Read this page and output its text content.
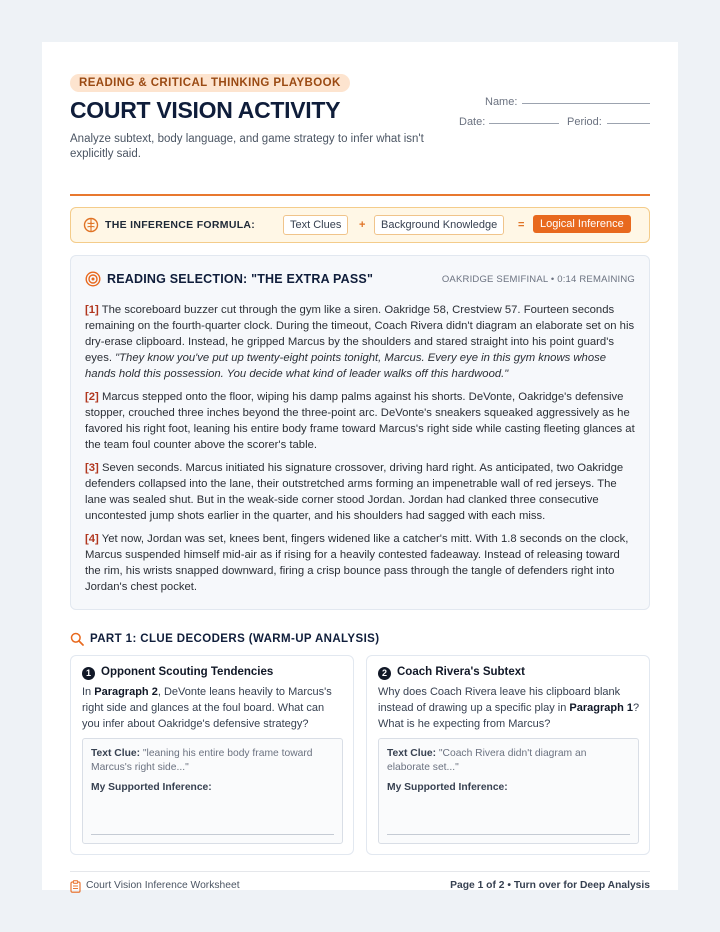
READING & CRITICAL THINKING PLAYBOOK
COURT VISION ACTIVITY
Analyze subtext, body language, and game strategy to infer what isn't explicitly said.
Name:
Date:	Period:
THE INFERENCE FORMULA:	Text Clues	+	Background Knowledge	=	Logical Inference
READING SELECTION: "THE EXTRA PASS"	OAKRIDGE SEMIFINAL • 0:14 REMAINING

[1] The scoreboard buzzer cut through the gym like a siren. Oakridge 58, Crestview 57. Fourteen seconds remaining on the fourth-quarter clock. During the timeout, Coach Rivera didn't diagram an elaborate set on his dry-erase clipboard. Instead, he gripped Marcus by the shoulders and stared straight into his point guard's eyes. "They know you've put up twenty-eight points tonight, Marcus. Every eye in this gym knows whose hands hold this possession. You decide what kind of leader walks off this hardwood."

[2] Marcus stepped onto the floor, wiping his damp palms against his shorts. DeVonte, Oakridge's defensive stopper, crouched three inches beyond the three-point arc. DeVonte's sneakers squeaked aggressively as he favored his right foot, leaning his entire body frame toward Marcus's right side while casting fleeting glances at the team foul counter above the scorer's table.

[3] Seven seconds. Marcus initiated his signature crossover, driving hard right. As anticipated, two Oakridge defenders collapsed into the lane, their outstretched arms forming an impenetrable wall of red jerseys. The lane was sealed shut. But in the weak-side corner stood Jordan. Jordan had clanked three consecutive uncontested jump shots earlier in the quarter, and his shoulders had sagged with each miss.

[4] Yet now, Jordan was set, knees bent, fingers widened like a catcher's mitt. With 1.8 seconds on the clock, Marcus suspended himself mid-air as if rising for a heavily contested fadeaway. Instead of releasing toward the rim, his wrists snapped downward, firing a crisp bounce pass through the tangle of defenders right into Jordan's chest pocket.

PART 1: CLUE DECODERS (WARM-UP ANALYSIS)
1 Opponent Scouting Tendencies
In Paragraph 2, DeVonte leans heavily to Marcus's right side and glances at the foul board. What can you infer about Oakridge's defensive strategy?
Text Clue: "leaning his entire body frame toward Marcus's right side..."
My Supported Inference:
2 Coach Rivera's Subtext
Why does Coach Rivera leave his clipboard blank instead of drawing up a specific play in Paragraph 1? What is he expecting from Marcus?
Text Clue: "Coach Rivera didn't diagram an elaborate set..."
My Supported Inference:
Court Vision Inference Worksheet	Page 1 of 2 • Turn over for Deep Analysis
